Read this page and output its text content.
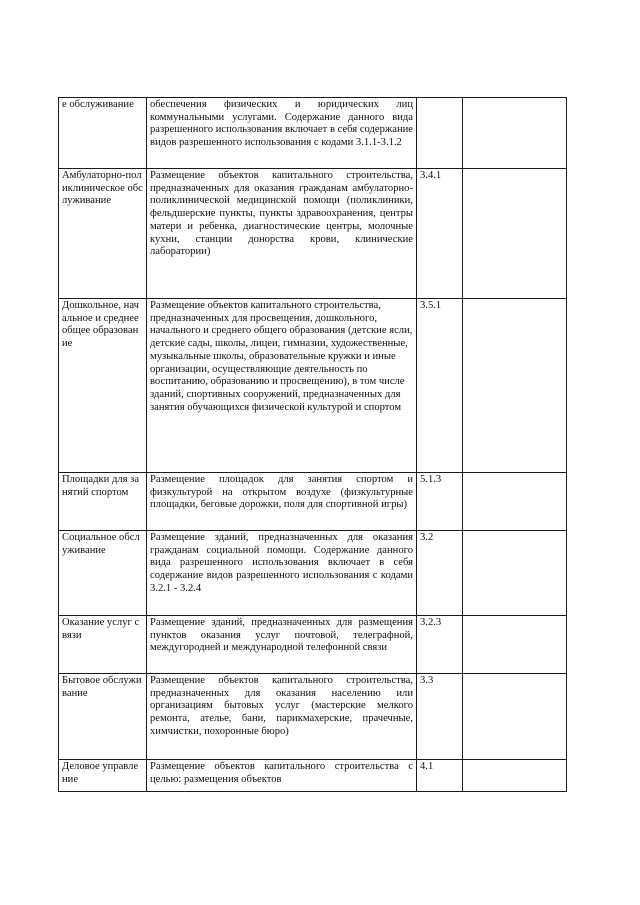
е обслуживание	обеспечения физических и юридических лиц коммунальными услугами. Содержание данного вида разрешенного использования включает в себя содержание видов разрешенного использования с кодами 3.1.1-3.1.2		
Амбулаторно-поликлиническое обслуживание	Размещение объектов капитального строительства, предназначенных для оказания гражданам амбулаторно-поликлинической медицинской помощи (поликлиники, фельдшерские пункты, пункты здравоохранения, центры матери и ребенка, диагностические центры, молочные кухни, станции донорства крови, клинические лаборатории)	3.4.1	
Дошкольное, начальное и среднее общее образование	Размещение объектов капитального строительства, предназначенных для просвещения, дошкольного, начального и среднего общего образования (детские ясли, детские сады, школы, лицеи, гимназии, художественные, музыкальные школы, образовательные кружки и иные организации, осуществляющие деятельность по воспитанию, образованию и просвещению), в том числе зданий, спортивных сооружений, предназначенных для занятия обучающихся физической культурой и спортом	3.5.1	
Площадки для занятий спортом	Размещение площадок для занятия спортом и физкультурой на открытом воздухе (физкультурные площадки, беговые дорожки, поля для спортивной игры)	5.1.3	
Социальное обслуживание	Размещение зданий, предназначенных для оказания гражданам социальной помощи. Содержание данного вида разрешенного использования включает в себя содержание видов разрешенного использования с кодами 3.2.1 - 3.2.4	3.2	
Оказание услуг связи	Размещение зданий, предназначенных для размещения пунктов оказания услуг почтовой, телеграфной, междугородней и международной телефонной связи	3.2.3	
Бытовое обслуживание	Размещение объектов капитального строительства, предназначенных для оказания населению или организациям бытовых услуг (мастерские мелкого ремонта, ателье, бани, парикмахерские, прачечные, химчистки, похоронные бюро)	3.3	
Деловое управление	Размещение объектов капитального строительства с целью: размещения объектов	4.1	
